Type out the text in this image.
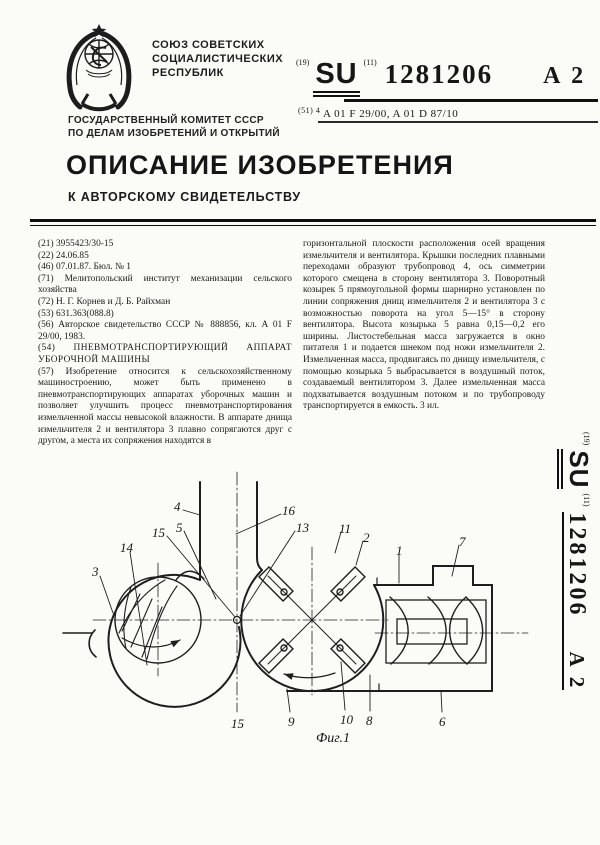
СОЮЗ СОВЕТСКИХ
СОЦИАЛИСТИЧЕСКИХ
РЕСПУБЛИК
ГОСУДАРСТВЕННЫЙ КОМИТЕТ СССР
ПО ДЕЛАМ ИЗОБРЕТЕНИЙ И ОТКРЫТИЙ
$^{(19)}$ SU $^{(11)}$ 1281206 A 2
$^{(51) 4}$ A 01 F 29/00, A 01 D 87/10
ОПИСАНИЕ ИЗОБРЕТЕНИЯ
К АВТОРСКОМУ СВИДЕТЕЛЬСТВУ

(21) 3955423/30-15

(22) 24.06.85

(46) 07.01.87. Бюл. № 1

(71) Мелитопольский институт механизации сельского хозяйства

(72) Н. Г. Корнев и Д. Б. Райхман

(53) 631.363(088.8)

(56) Авторское свидетельство СССР № 888856, кл. А 01 F 29/00, 1983.

(54) ПНЕВМОТРАНСПОРТИРУЮЩИЙ АППАРАТ УБОРОЧНОЙ МАШИНЫ

(57) Изобретение относится к сельскохозяйственному машиностроению, может быть применено в пневмотранспортирующих аппаратах уборочных машин и позволяет улучшить процесс пневмотранспортирования измельченной массы невысокой влажности. В аппарате днища измельчителя 2 и вентилятора 3 плавно сопрягаются друг с другом, а места их сопряжения находятся в

горизонтальной плоскости расположения осей вращения измельчителя и вентилятора. Крышки последних плавными переходами образуют трубопровод 4, ось симметрии которого смещена в сторону вентилятора 3. Поворотный козырек 5 прямоугольной формы шарнирно установлен по линии сопряжения днищ измельчителя 2 и вентилятора 3 с возможностью поворота на угол 5—15° в сторону вентилятора. Высота козырька 5 равна 0,15—0,2 его ширины. Листостебельная масса загружается в окно питателя 1 и подается шнеком под ножи измельчителя 2. Измельченная масса, продвигаясь по днищу измельчителя, с помощью козырька 5 выбрасывается в воздушный поток, создаваемый вентилятором 3. Далее измельченная масса подхватывается воздушным потоком и по трубопроводу транспортируется в емкость. 3 ил.

4
15 5
16
13 11
2
1
7
3
14
15	9	10 8	6
Фиг.1
$^{(19)}$ SU $^{(11)}$ 1281206A 2
